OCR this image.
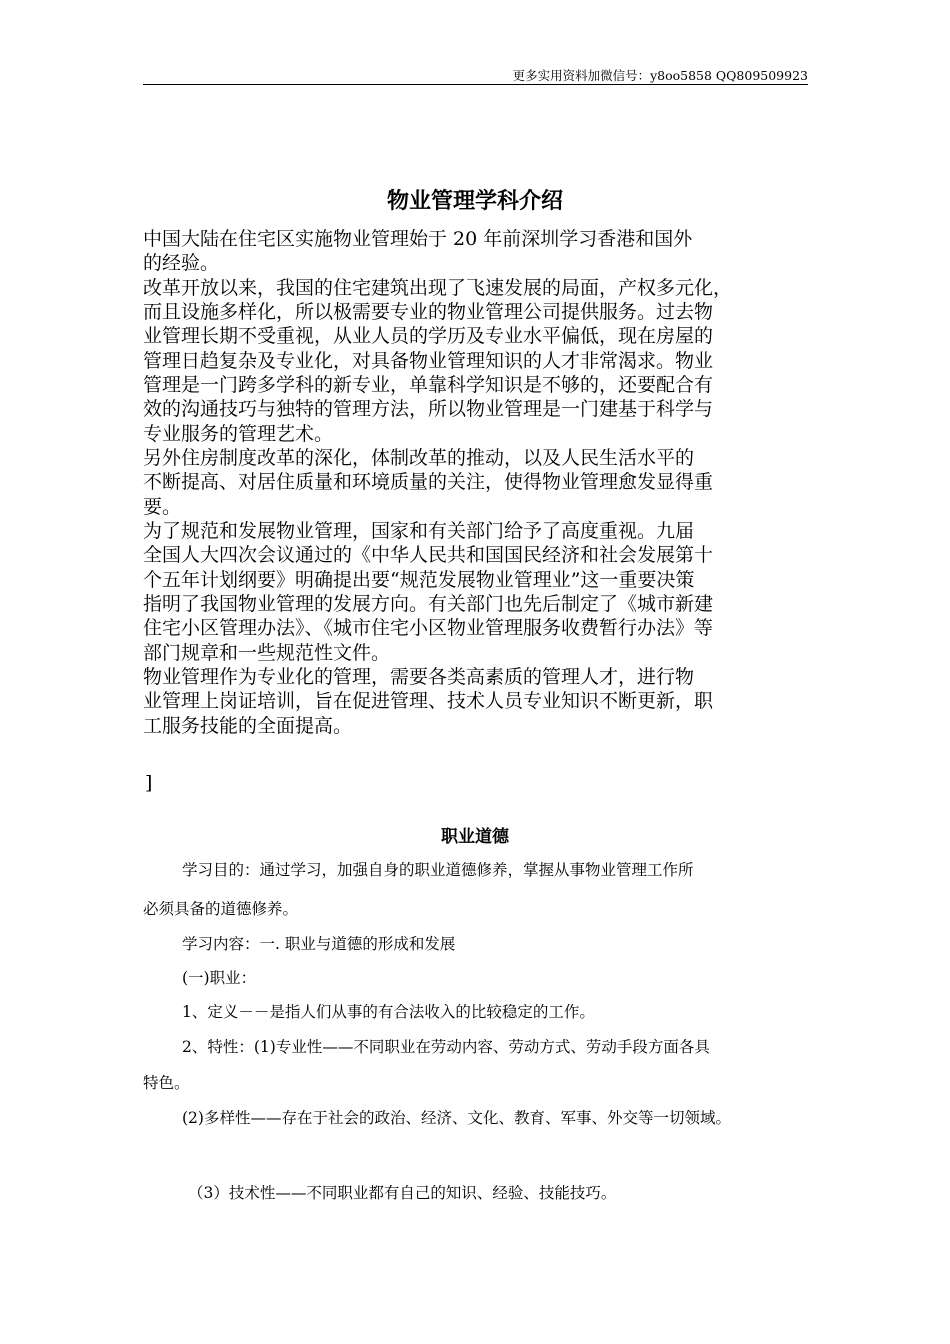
更多实用资料加微信号：y8oo5858 QQ809509923
物业管理学科介绍

中国大陆在住宅区实施物业管理始于 20 年前深圳学习香港和国外

的经验。

改革开放以来，我国的住宅建筑出现了飞速发展的局面，产权多元化，

而且设施多样化，所以极需要专业的物业管理公司提供服务。过去物

业管理长期不受重视，从业人员的学历及专业水平偏低，现在房屋的

管理日趋复杂及专业化，对具备物业管理知识的人才非常渴求。物业

管理是一门跨多学科的新专业，单靠科学知识是不够的，还要配合有

效的沟通技巧与独特的管理方法，所以物业管理是一门建基于科学与

专业服务的管理艺术。

另外住房制度改革的深化，体制改革的推动，以及人民生活水平的

不断提高、对居住质量和环境质量的关注，使得物业管理愈发显得重

要。

为了规范和发展物业管理，国家和有关部门给予了高度重视。九届

全国人大四次会议通过的《中华人民共和国国民经济和社会发展第十

个五年计划纲要》明确提出要“规范发展物业管理业”这一重要决策

指明了我国物业管理的发展方向。有关部门也先后制定了《城市新建

住宅小区管理办法》、《城市住宅小区物业管理服务收费暂行办法》等

部门规章和一些规范性文件。

物业管理作为专业化的管理，需要各类高素质的管理人才，进行物

业管理上岗证培训，旨在促进管理、技术人员专业知识不断更新，职

工服务技能的全面提高。

]
职业道德

学习目的：通过学习，加强自身的职业道德修养，掌握从事物业管理工作所

必须具备的道德修养。

学习内容：一. 职业与道德的形成和发展

(一)职业：

1、定义－－是指人们从事的有合法收入的比较稳定的工作。

2、特性：(1)专业性——不同职业在劳动内容、劳动方式、劳动手段方面各具

特色。

(2)多样性——存在于社会的政治、经济、文化、教育、军事、外交等一切领域。

（3）技术性——不同职业都有自己的知识、经验、技能技巧。
